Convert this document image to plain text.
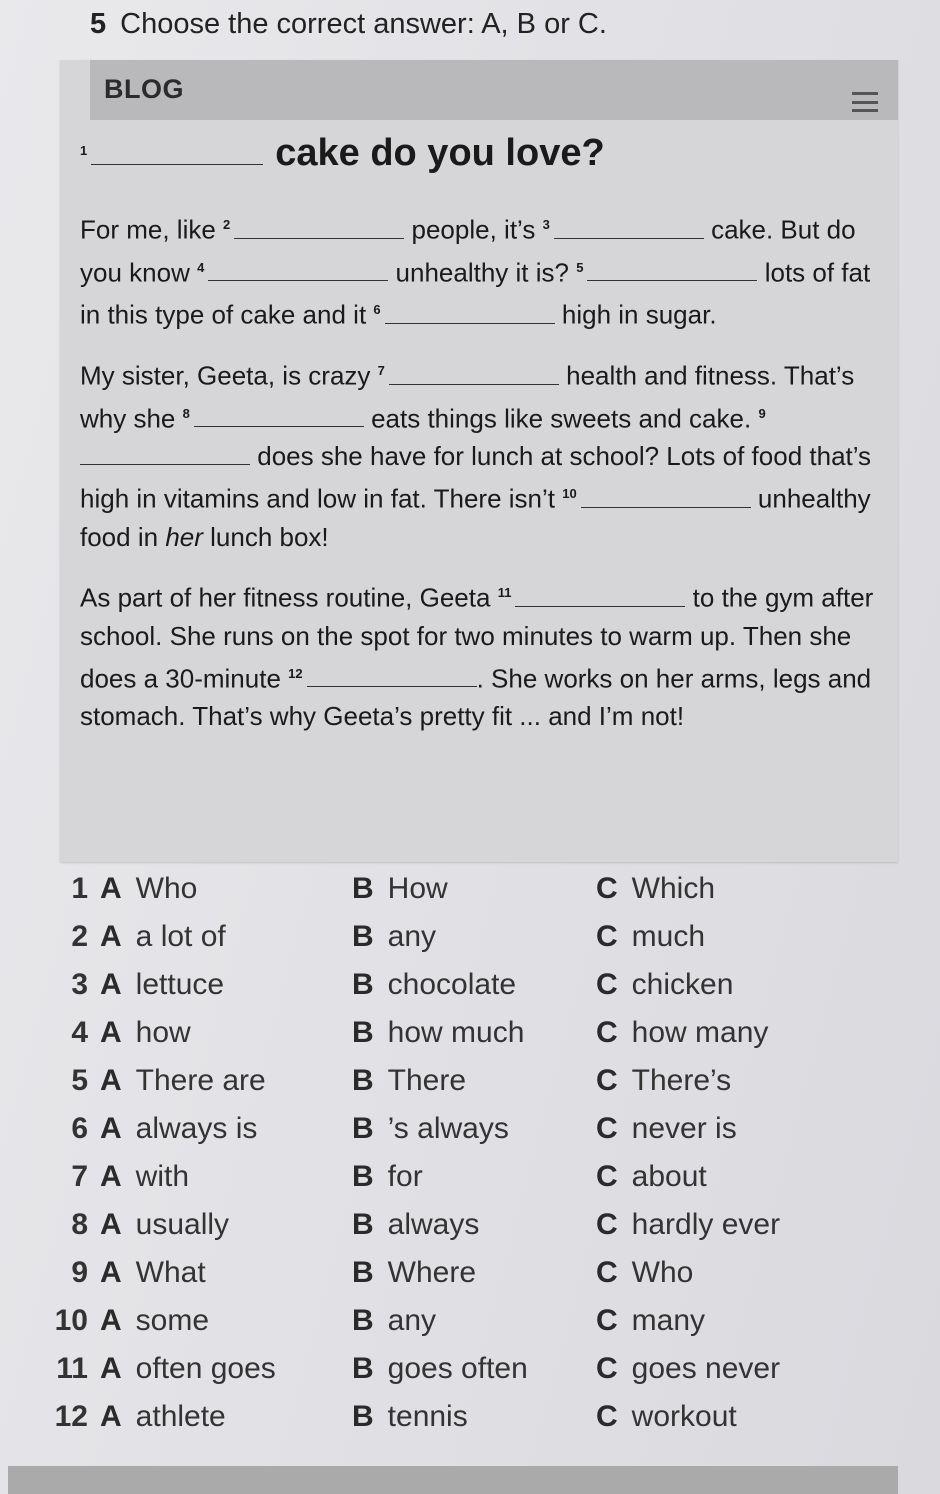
5 Choose the correct answer: A, B or C.
BLOG
$^1$	cake do you love?
For me, like $^2$	people, it’s $^3$	cake. But do you know $^4$	unhealthy it is? $^5$	lots of fat in this type of cake and it $^6$	high in sugar.
My sister, Geeta, is crazy $^7$	health and fitness. That’s why she $^8$	eats things like sweets and cake. $^9$ does she have for lunch at school? Lots of food that’s high in vitamins and low in fat. There isn’t $^{10}$	unhealthy food in her lunch box!
As part of her fitness routine, Geeta $^{11}$	to the gym after school. She runs on the spot for two minutes to warm up. Then she does a 30-minute $^{12}$	. She works on her arms, legs and stomach. That’s why Geeta’s pretty fit ... and I’m not!
1 A Who	B How	C Which
2 A a lot of	B any	C much
3 A lettuce	B chocolate	C chicken
4 A how	B how much C how many
5 A There are	B There	C There’s
6 A always is	B ’s always	C never is
7 A with	B for	C about
8 A usually	B always	C hardly ever
9 A What	B Where	C Who
10 A some	B any	C many
11 A often goes	B goes often C goes never
12 A athlete	B tennis	C workout
